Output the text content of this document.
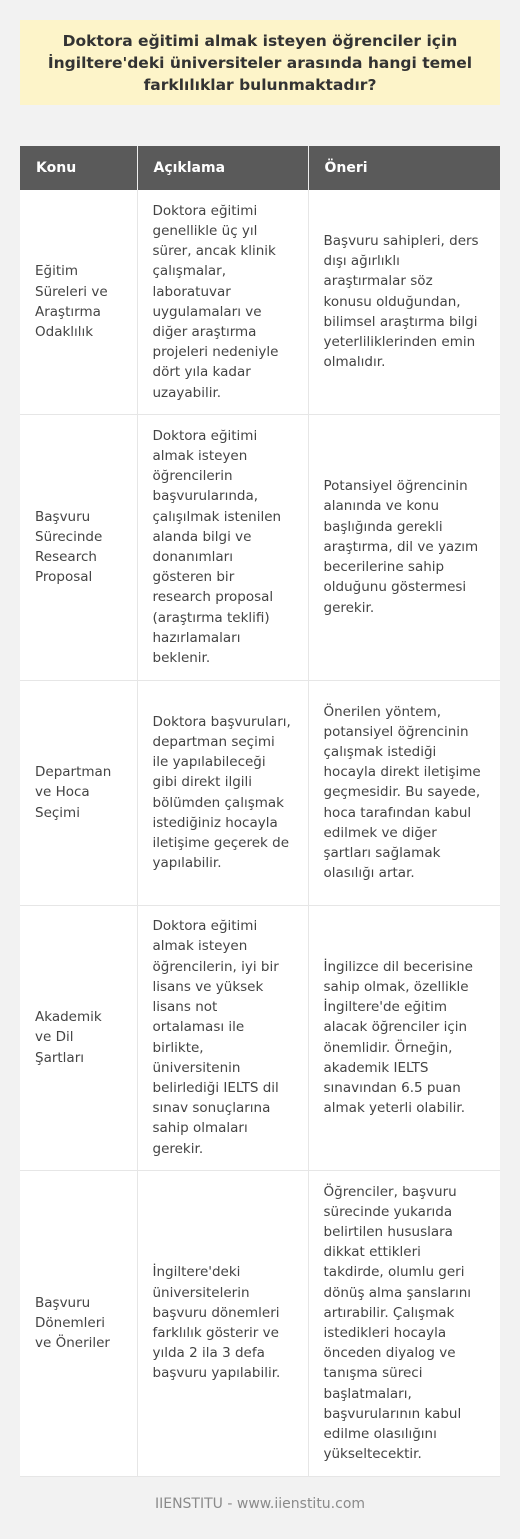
Doktora eğitimi almak isteyen öğrenciler için İngiltere'deki üniversiteler arasında hangi temel farklılıklar bulunmaktadır?
Konu	Açıklama	Öneri
Eğitim Süreleri ve Araştırma Odaklılık	Doktora eğitimi genellikle üç yıl sürer, ancak klinik çalışmalar, laboratuvar uygulamaları ve diğer araştırma projeleri nedeniyle dört yıla kadar uzayabilir.	Başvuru sahipleri, ders dışı ağırlıklı araştırmalar söz konusu olduğundan, bilimsel araştırma bilgi yeterliliklerinden emin olmalıdır.
Başvuru Sürecinde Research Proposal	Doktora eğitimi almak isteyen öğrencilerin başvurularında, çalışılmak istenilen alanda bilgi ve donanımları gösteren bir research proposal (araştırma teklifi) hazırlamaları beklenir.	Potansiyel öğrencinin alanında ve konu başlığında gerekli araştırma, dil ve yazım becerilerine sahip olduğunu göstermesi gerekir.
Departman ve Hoca Seçimi	Doktora başvuruları, departman seçimi ile yapılabileceği gibi direkt ilgili bölümden çalışmak istediğiniz hocayla iletişime geçerek de yapılabilir.	Önerilen yöntem, potansiyel öğrencinin çalışmak istediği hocayla direkt iletişime geçmesidir. Bu sayede, hoca tarafından kabul edilmek ve diğer şartları sağlamak olasılığı artar.
Akademik ve Dil Şartları	Doktora eğitimi almak isteyen öğrencilerin, iyi bir lisans ve yüksek lisans not ortalaması ile birlikte, üniversitenin belirlediği IELTS dil sınav sonuçlarına sahip olmaları gerekir.	İngilizce dil becerisine sahip olmak, özellikle İngiltere'de eğitim alacak öğrenciler için önemlidir. Örneğin, akademik IELTS sınavından 6.5 puan almak yeterli olabilir.
Başvuru Dönemleri ve Öneriler	İngiltere'deki üniversitelerin başvuru dönemleri farklılık gösterir ve yılda 2 ila 3 defa başvuru yapılabilir.	Öğrenciler, başvuru sürecinde yukarıda belirtilen hususlara dikkat ettikleri takdirde, olumlu geri dönüş alma şanslarını artırabilir. Çalışmak istedikleri hocayla önceden diyalog ve tanışma süreci başlatmaları, başvurularının kabul edilme olasılığını yükseltecektir.
IIENSTITU - www.iienstitu.com
